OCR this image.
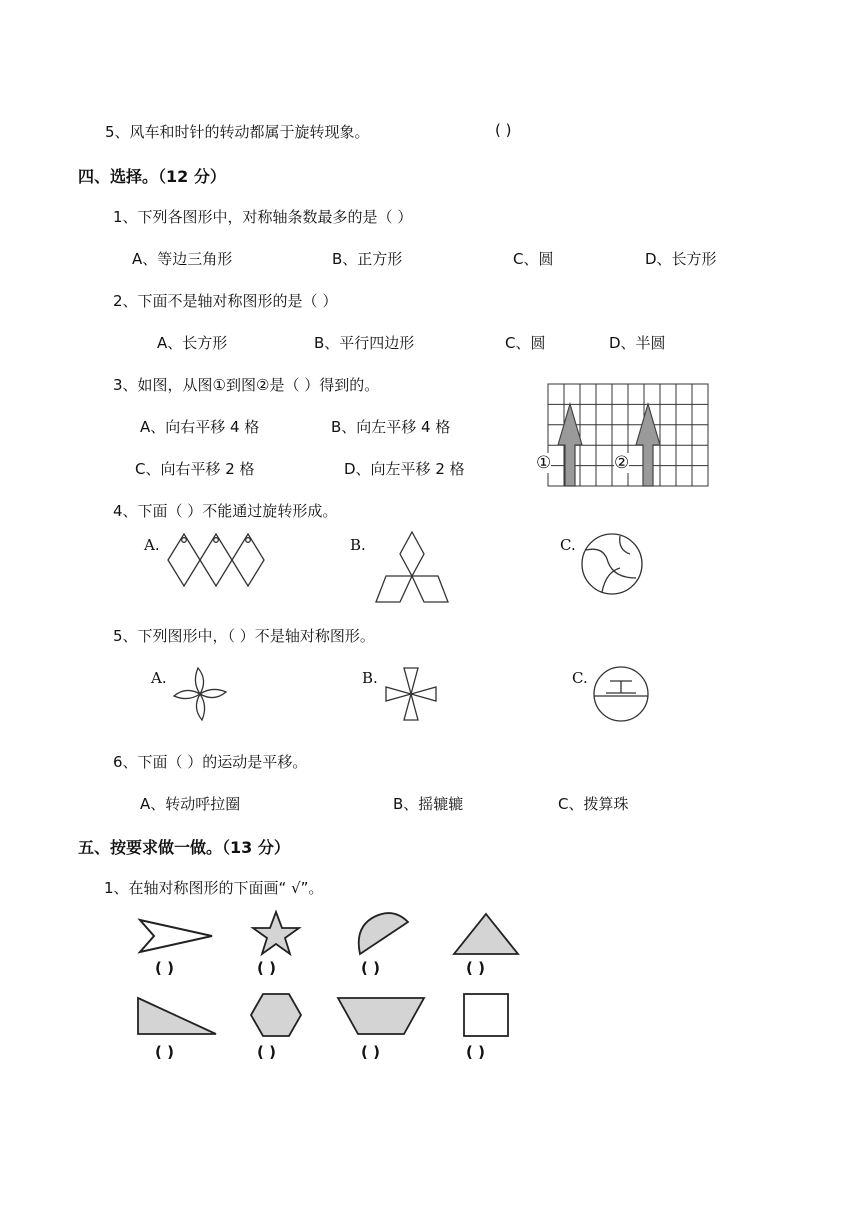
5、风车和时针的转动都属于旋转现象。	( )
四、选择。（12 分）
1、下列各图形中，对称轴条数最多的是（ ）
A、等边三角形	B、正方形	C、圆	D、长方形
2、下面不是轴对称图形的是（ ）
A、长方形	B、平行四边形	C、圆	D、半圆
3、如图，从图①到图②是（ ）得到的。
A、向右平移 4 格	B、向左平移 4 格
C、向右平移 2 格	D、向左平移 2 格	①	②
4、下面（ ）不能通过旋转形成。
A.	B.	C.
5、下列图形中，（ ）不是轴对称图形。
A.	B.	C.
6、下面（ ）的运动是平移。
A、转动呼拉圈	B、摇辘辘	C、拨算珠
五、按要求做一做。（13 分）
1、在轴对称图形的下面画“ √”。
( )	( )	( )	( )
( )	( )	( )	( )
